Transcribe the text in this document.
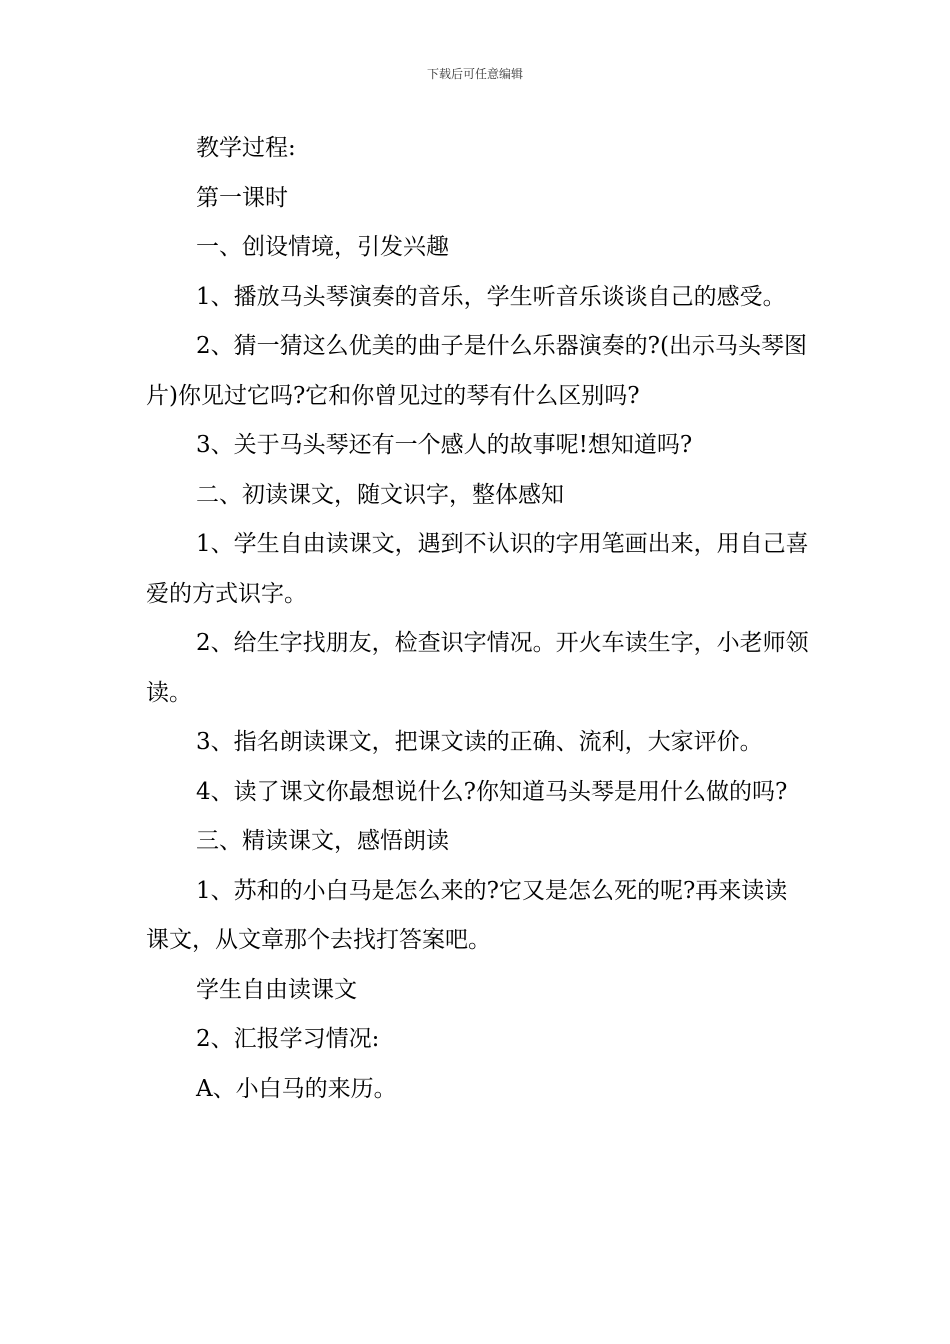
下载后可任意编辑

教学过程:

第一课时

一、创设情境，引发兴趣

1、播放马头琴演奏的音乐，学生听音乐谈谈自己的感受。

2、猜一猜这么优美的曲子是什么乐器演奏的?(出示马头琴图片)你见过它吗?它和你曾见过的琴有什么区别吗?

3、关于马头琴还有一个感人的故事呢!想知道吗?

二、初读课文，随文识字，整体感知

1、学生自由读课文，遇到不认识的字用笔画出来，用自己喜爱的方式识字。

2、给生字找朋友，检查识字情况。开火车读生字，小老师领读。

3、指名朗读课文，把课文读的正确、流利，大家评价。

4、读了课文你最想说什么?你知道马头琴是用什么做的吗?

三、精读课文，感悟朗读

1、苏和的小白马是怎么来的?它又是怎么死的呢?再来读读课文，从文章那个去找打答案吧。

学生自由读课文

2、汇报学习情况:

A、小白马的来历。
